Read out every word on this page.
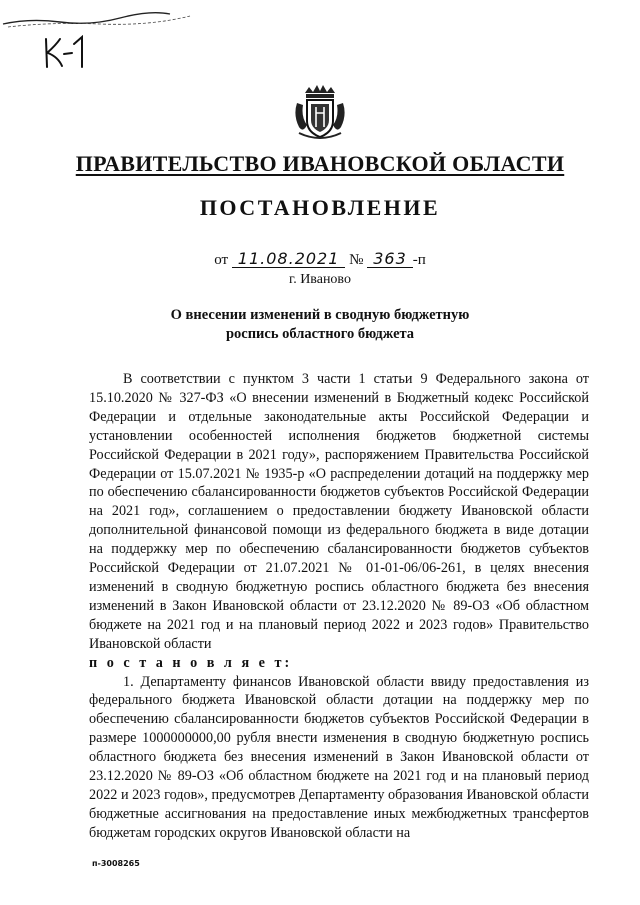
ПРАВИТЕЛЬСТВО ИВАНОВСКОЙ ОБЛАСТИ
ПОСТАНОВЛЕНИЕ
от 11.08.2021 № 363 -п
г. Иваново
О внесении изменений в сводную бюджетную
роспись областного бюджета

В соответствии с пунктом 3 части 1 статьи 9 Федерального закона от 15.10.2020 № 327-ФЗ «О внесении изменений в Бюджетный кодекс Российской Федерации и отдельные законодательные акты Российской Федерации и установлении особенностей исполнения бюджетов бюджетной системы Российской Федерации в 2021 году», распоряжением Правительства Российской Федерации от 15.07.2021 № 1935-р «О распределении дотаций на поддержку мер по обеспечению сбалансированности бюджетов субъектов Российской Федерации на 2021 год», соглашением о предоставлении бюджету Ивановской области дополнительной финансовой помощи из федерального бюджета в виде дотации на поддержку мер по обеспечению сбалансированности бюджетов субъектов Российской Федерации от 21.07.2021 № 01-01-06/06-261, в целях внесения изменений в сводную бюджетную роспись областного бюджета без внесения изменений в Закон Ивановской области от 23.12.2020 № 89-ОЗ «Об областном бюджете на 2021 год и на плановый период 2022 и 2023 годов» Правительство Ивановской области

п о с т а н о в л я е т:

1. Департаменту финансов Ивановской области ввиду предоставления из федерального бюджета Ивановской области дотации на поддержку мер по обеспечению сбалансированности бюджетов субъектов Российской Федерации в размере 1000000000,00 рубля внести изменения в сводную бюджетную роспись областного бюджета без внесения изменений в Закон Ивановской области от 23.12.2020 № 89-ОЗ «Об областном бюджете на 2021 год и на плановый период 2022 и 2023 годов», предусмотрев Департаменту образования Ивановской области бюджетные ассигнования на предоставление иных межбюджетных трансфертов бюджетам городских округов Ивановской области на

п-3008265
